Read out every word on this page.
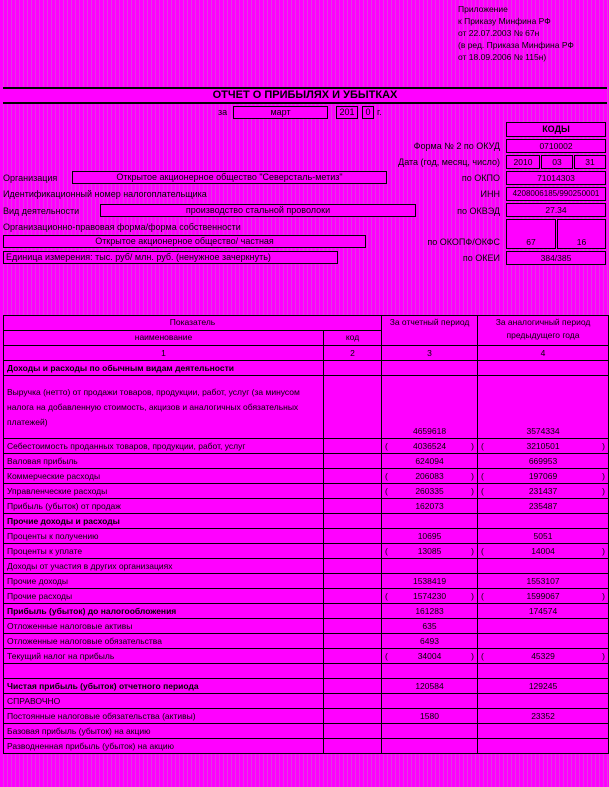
Приложение
к Приказу Минфина РФ
от 22.07.2003 № 67н
(в ред. Приказа Минфина РФ
от 18.09.2006 № 115н)
ОТЧЕТ О ПРИБЫЛЯХ И УБЫТКАХ
за	март	201	0 г.
КОДЫ
Форма № 2 по ОКУД	0710002
Дата (год, месяц, число)	2010	03	31
Организация	Открытое акционерное общество "Северсталь-метиз"	по ОКПО	71014303
Идентификационный номер налогоплательщика	ИНН	4208006185/990250001
Вид деятельности	производство стальной проволоки	по ОКВЭД	27.34
Организационно-правовая форма/форма собственности
Открытое акционерное общество/ частная	по ОКОПФ/ОКФС	67	16
Единица измерения: тыс. руб/ млн. руб. (ненужное зачеркнуть)	по ОКЕИ	384/385
Показатель		За отчетный период	За аналогичный период предыдущего года
наименование	код		
1	2	3	4
Доходы и расходы по обычным видам деятельности			
Выручка (нетто) от продажи товаров, продукции, работ, услуг (за минусом налога на добавленную стоимость, акцизов и аналогичных обязательных платежей)		4659618	3574334
Себестоимость проданных товаров, продукции, работ, услуг		( 4036524 )	( 3210501 )

Валовая прибыль		624094	669953
Коммерческие расходы		( 206083 )	( 197069 )

Управленческие расходы		( 260335 )	( 231437 )

Прибыль (убыток) от продаж		162073	235487
Прочие доходы и расходы			
Проценты к получению		10695	5051
Проценты к уплате		( 13085 )	( 14004 )

Доходы от участия в других организациях			
Прочие доходы		1538419	1553107
Прочие расходы		( 1574230 )	( 1599067 )

Прибыль (убыток) до налогообложения		161283	174574
Отложенные налоговые активы		635	
Отложенные налоговые обязательства		6493	
Текущий налог на прибыль		( 34004 )	( 45329 )

Чистая прибыль (убыток) отчетного периода		120584	129245
СПРАВОЧНО			
Постоянные налоговые обязательства (активы)		1580	23352
Базовая прибыль (убыток) на акцию			
Разводненная прибыль (убыток) на акцию			
